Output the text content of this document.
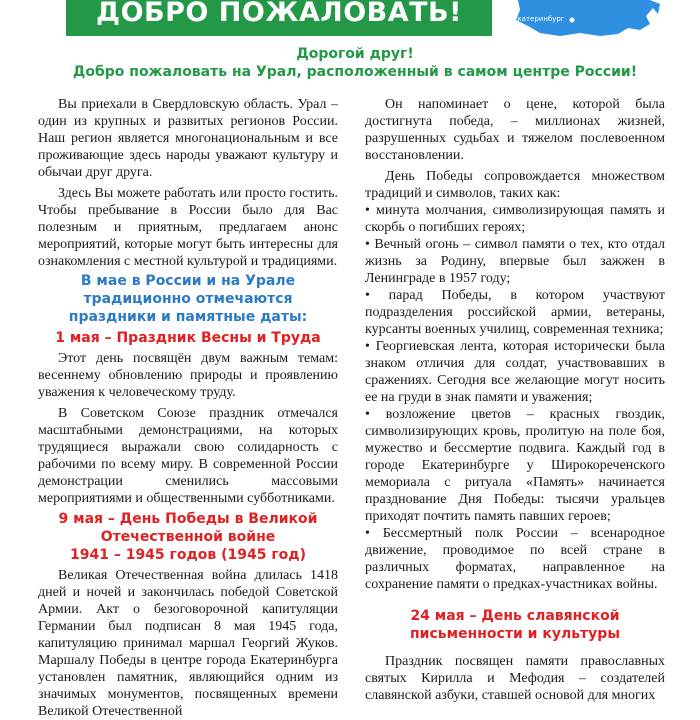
ДОБРО ПОЖАЛОВАТЬ!	Екатеринбург

Дорогой друг!

Добро пожаловать на Урал, расположенный в самом центре России!

Вы приехали в Свердловскую область. Урал – один из крупных и развитых регионов России. Наш регион является многонациональным и все проживающие здесь народы уважают культуру и обычаи друг друга.

Здесь Вы можете работать или просто гостить. Чтобы пребывание в России было для Вас полезным и приятным, предлагаем анонс мероприятий, которые могут быть интересны для ознакомления с местной культурой и традициями.

В мае в России и на Урале традиционно отмечаются праздники и памятные даты:
1 мая – Праздник Весны и Труда

Этот день посвящён двум важным темам: весеннему обновлению природы и проявлению уважения к человеческому труду.

В Советском Союзе праздник отмечался масштабными демонстрациями, на которых трудящиеся выражали свою солидарность с рабочими по всему миру. В современной России демонстрации сменились массовыми мероприятиями и общественными субботниками.

9 мая – День Победы в Великой Отечественной войне
1941 – 1945 годов (1945 год)

Великая Отечественная война длилась 1418 дней и ночей и закончилась победой Советской Армии. Акт о безоговорочной капитуляции Германии был подписан 8 мая 1945 года, капитуляцию принимал маршал Георгий Жуков. Маршалу Победы в центре города Екатеринбурга установлен памятник, являющийся одним из значимых монументов, посвященных времени Великой Отечественной

Он напоминает о цене, которой была достигнута победа, – миллионах жизней, разрушенных судьбах и тяжелом послевоенном восстановлении.

День Победы сопровождается множеством традиций и символов, таких как:

• минута молчания, символизирующая память и скорбь о погибших героях;

• Вечный огонь – символ памяти о тех, кто отдал жизнь за Родину, впервые был зажжен в Ленинграде в 1957 году;

• парад Победы, в котором участвуют подразделения российской армии, ветераны, курсанты военных училищ, современная техника;

• Георгиевская лента, которая исторически была знаком отличия для солдат, участвовавших в сражениях. Сегодня все желающие могут носить ее на груди в знак памяти и уважения;

• возложение цветов – красных гвоздик, символизирующих кровь, пролитую на поле боя, мужество и бессмертие подвига. Каждый год в городе Екатеринбурге у Широкореченского мемориала с ритуала «Память» начинается празднование Дня Победы: тысячи уральцев приходят почтить память павших героев;

• Бессмертный полк России – всенародное движение, проводимое по всей стране в различных форматах, направленное на сохранение памяти о предках-участниках войны.

24 мая – День славянской письменности и культуры

Праздник посвящен памяти православных святых Кирилла и Мефодия – создателей славянской азбуки, ставшей основой для многих
